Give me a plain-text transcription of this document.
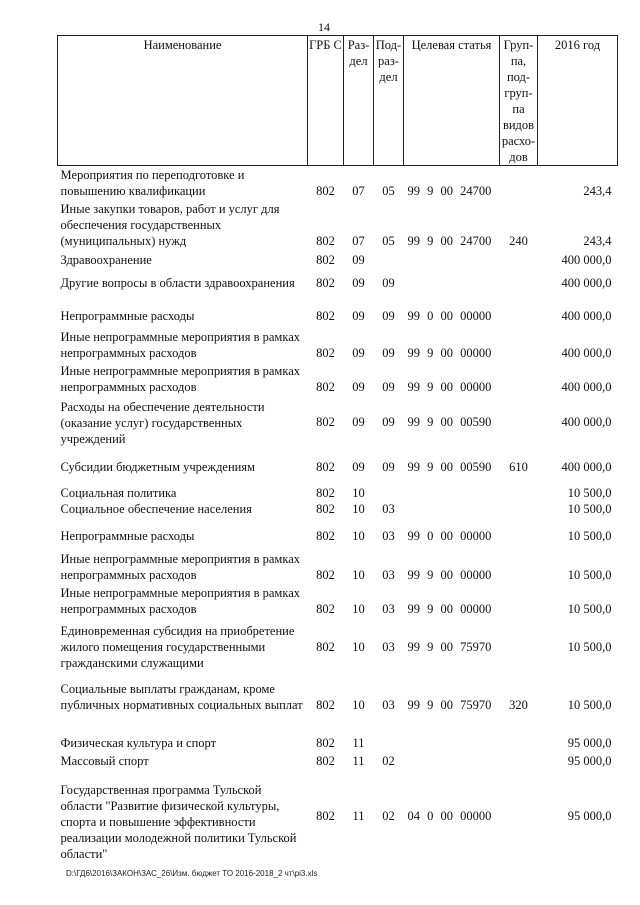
14
Наименование	ГРБ С	Раз- дел	Под- раз- дел	Целевая статья	Груп- па, под- груп- па видов расхо- дов	2016 год
Мероприятия по переподготовке и повышению квалификации	802	07	05	99 9 00 24700		243,4
Иные закупки товаров, работ и услуг для обеспечения государственных (муниципальных) нужд	802	07	05	99 9 00 24700	240	243,4
Здравоохранение	802	09				400 000,0
Другие вопросы в области здравоохранения	802	09	09			400 000,0
Непрограммные расходы	802	09	09	99 0 00 00000		400 000,0
Иные непрограммные мероприятия в рамках непрограммных расходов	802	09	09	99 9 00 00000		400 000,0
Иные непрограммные мероприятия в рамках непрограммных расходов	802	09	09	99 9 00 00000		400 000,0
Расходы на обеспечение деятельности (оказание услуг) государственных учреждений	802	09	09	99 9 00 00590		400 000,0
Субсидии бюджетным учреждениям	802	09	09	99 9 00 00590	610	400 000,0
Социальная политика	802	10				10 500,0
Социальное обеспечение населения	802	10	03			10 500,0
Непрограммные расходы	802	10	03	99 0 00 00000		10 500,0
Иные непрограммные мероприятия в рамках непрограммных расходов	802	10	03	99 9 00 00000		10 500,0
Иные непрограммные мероприятия в рамках непрограммных расходов	802	10	03	99 9 00 00000		10 500,0
Единовременная субсидия на приобретение жилого помещения государственными гражданскими служащими	802	10	03	99 9 00 75970		10 500,0
Социальные выплаты гражданам, кроме публичных нормативных социальных выплат	802	10	03	99 9 00 75970	320	10 500,0
Физическая культура и спорт	802	11				95 000,0
Массовый спорт	802	11	02			95 000,0
Государственная программа Тульской области "Развитие физической культуры, спорта и повышение эффективности реализации молодежной политики Тульской области"	802	11	02	04 0 00 00000		95 000,0
D:\ГД6\2016\ЗАКОН\ЗАС_26\Изм. бюджет ТО 2016-2018_2 чт\рі3.xls
